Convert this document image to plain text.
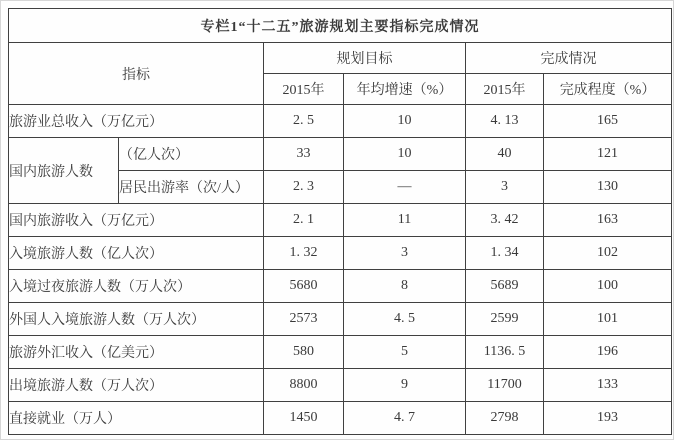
专栏1“十二五”旅游规划主要指标完成情况					
指标		规划目标		完成情况	
		2015年	年均增速（%）	2015年	完成程度（%）
旅游业总收入（万亿元）		2. 5	10	4. 13	165
国内旅游人数	（亿人次）	33	10	40	121
	居民出游率（次/人）	2. 3	—	3	130
国内旅游收入（万亿元）		2. 1	11	3. 42	163
入境旅游人数（亿人次）		1. 32	3	1. 34	102
入境过夜旅游人数（万人次）		5680	8	5689	100
外国人入境旅游人数（万人次）		2573	4. 5	2599	101
旅游外汇收入（亿美元）		580	5	1136. 5	196
出境旅游人数（万人次）		8800	9	11700	133
直接就业（万人）		1450	4. 7	2798	193
